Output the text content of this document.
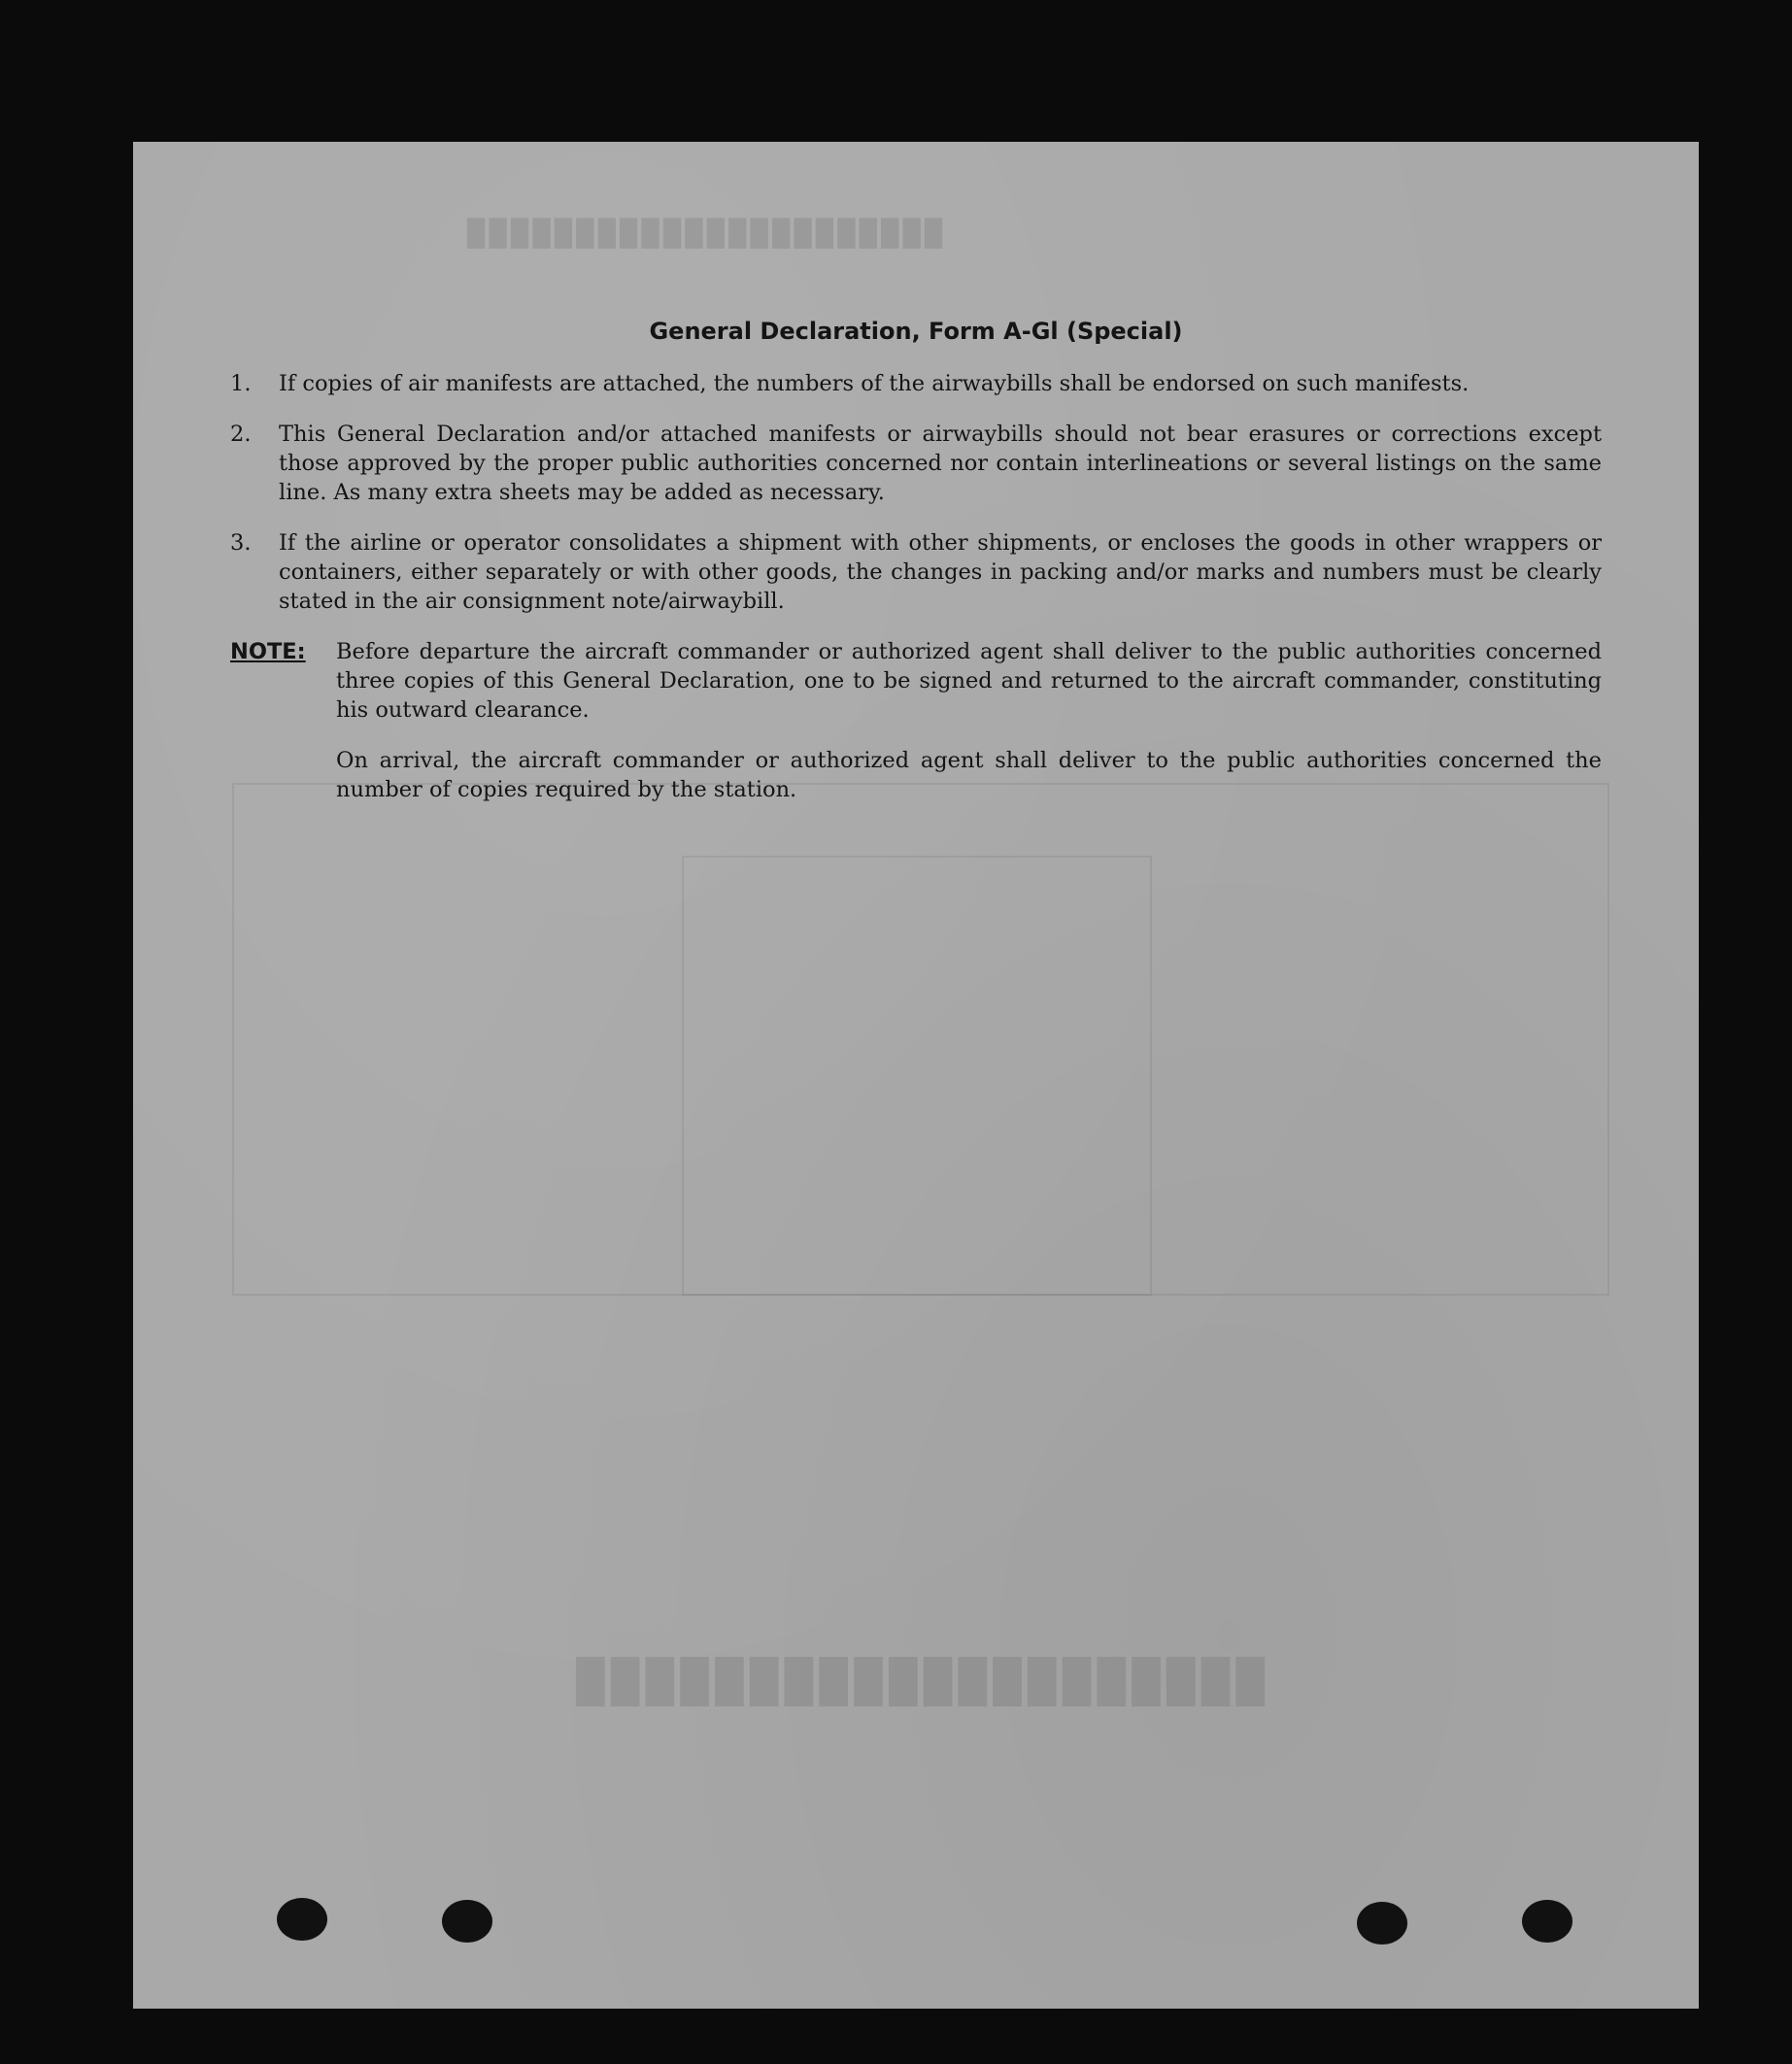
██████████████████████
████████████████████
General Declaration, Form A-Gl (Special)
1.	If copies of air manifests are attached, the numbers of the airwaybills shall be endorsed on such manifests.
2.	This General Declaration and/or attached manifests or airwaybills should not bear erasures or corrections except those approved by the proper public authorities concerned nor contain interlineations or several listings on the same line. As many extra sheets may be added as necessary.
3.	If the airline or operator consolidates a shipment with other shipments, or encloses the goods in other wrappers or containers, either separately or with other goods, the changes in packing and/or marks and numbers must be clearly stated in the air consignment note/airwaybill.
NOTE:	Before departure the aircraft commander or authorized agent shall deliver to the public authorities concerned three copies of this General Declaration, one to be signed and returned to the aircraft commander, constituting his outward clearance.
On arrival, the aircraft commander or authorized agent shall deliver to the public authorities concerned the number of copies required by the station.
